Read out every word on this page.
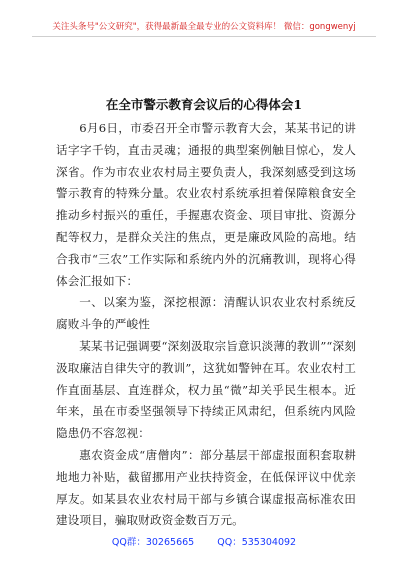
关注头条号"公文研究"，获得最新最全最专业的公文资料库！ 微信：gongwenyj
在全市警示教育会议后的心得体会1

6月6日，市委召开全市警示教育大会，某某书记的讲话字字千钧，直击灵魂；通报的典型案例触目惊心，发人深省。作为市农业农村局主要负责人，我深刻感受到这场警示教育的特殊分量。农业农村系统承担着保障粮食安全推动乡村振兴的重任，手握惠农资金、项目审批、资源分配等权力，是群众关注的焦点，更是廉政风险的高地。结合我市“三农”工作实际和系统内外的沉痛教训，现将心得体会汇报如下：

一、以案为鉴，深挖根源：清醒认识农业农村系统反腐败斗争的严峻性

某某书记强调要“深刻汲取宗旨意识淡薄的教训”“深刻汲取廉洁自律失守的教训”，这犹如警钟在耳。农业农村工作直面基层、直连群众，权力虽“微”却关乎民生根本。近年来，虽在市委坚强领导下持续正风肃纪，但系统内风险隐患仍不容忽视：

惠农资金成“唐僧肉”：部分基层干部虚报面积套取耕地地力补贴，截留挪用产业扶持资金，在低保评议中优亲厚友。如某县农业农村局干部与乡镇合谋虚报高标准农田建设项目，骗取财政资金数百万元。

QQ群：30265665 QQ：535304092
